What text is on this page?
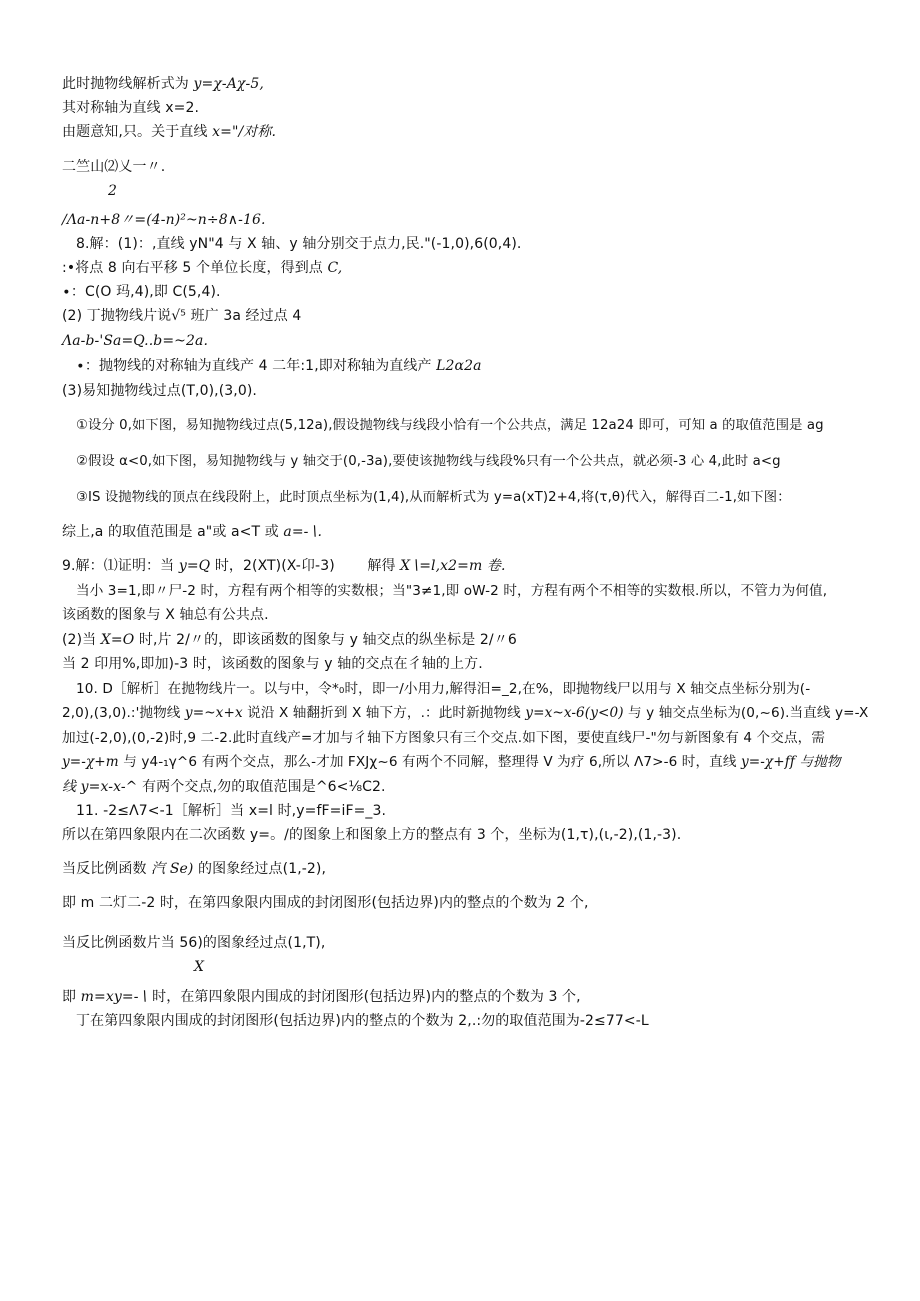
此时抛物线解析式为 y=χ-Aχ-5,
其对称轴为直线 x=2.
由题意知,只。关于直线 x="/对称.
二竺山⑵乂一〃.
2
∕Λa-n+8〃=(4-n)²~n÷8∧-16.
8.解：(1)：,直线 yN"4 与 X 轴、y 轴分别交于点力,民."(-1,0),6(0,4).
:•将点 8 向右平移 5 个单位长度，得到点 C,
∙：C(O 玛,4),即 C(5,4).
(2) 丁抛物线片说√⁵ 班广 3a 经过点 4
Λa-b-'Sa=Q..b=~2a.
∙：抛物线的对称轴为直线产 4 二年:1,即对称轴为直线产 L2α2a
(3)易知抛物线过点(T,0),(3,0).
①设分 0,如下图，易知抛物线过点(5,12a),假设抛物线与线段小恰有一个公共点，满足 12a24 即可，可知 a 的取值范围是 ag
②假设 α<0,如下图，易知抛物线与 y 轴交于(0,-3a),要使该抛物线与线段%只有一个公共点，就必须-3 心 4,此时 a<g
③IS 设抛物线的顶点在线段附上，此时顶点坐标为(1,4),从而解析式为 y=a(xT)2+4,将(τ,θ)代入，解得百二-1,如下图：
综上,a 的取值范围是 a"或 a<T 或 a=-∖.
9.解：⑴证明：当 y=Q 时，2(XT)(X-卬-3) 解得 X∖=l,x2=m 卷.
当小 3=1,即〃尸-2 时，方程有两个相等的实数根；当"3≠1,即 oW-2 时，方程有两个不相等的实数根.所以，不管力为何值,
该函数的图象与 X 轴总有公共点.
(2)当 X=O 时,片 2/〃的，即该函数的图象与 y 轴交点的纵坐标是 2/〃6
当 2 印用%,即加)-3 时，该函数的图象与 y 轴的交点在彳轴的上方.
10. D［解析］在抛物线片一。以与中，令*₀时，即一/小用力,解得汨=_2,在%，即抛物线尸以用与 X 轴交点坐标分别为(-
2,0),(3,0).:'抛物线 y=~x+x 说沿 X 轴翻折到 X 轴下方，.：此时新抛物线 y=x~x-6(y<0) 与 y 轴交点坐标为(0,~6).当直线 y=-X
加过(-2,0),(0,-2)时,9 二-2.此时直线产=才加与彳轴下方图象只有三个交点.如下图，要使直线尸-"勿与新图象有 4 个交点，需
y=-χ+m 与 y4-₁γ^6 有两个交点，那么-才加 FXJχ~6 有两个不同解，整理得 V 为疗 6,所以 Λ7>-6 时，直线 y=-χ+ff 与抛物
线 y=x-x-^ 有两个交点,勿的取值范围是^6<⅛C2.
11. -2≤Λ7<-1［解析］当 x=l 时,y=fF=iF=_3.
所以在第四象限内在二次函数 y=。/的图象上和图象上方的整点有 3 个，坐标为(1,τ),(ι,-2),(1,-3).
当反比例函数 汽 Se) 的图象经过点(1,-2),
即 m 二灯二-2 时，在第四象限内围成的封闭图形(包括边界)内的整点的个数为 2 个,
当反比例函数片当 56)的图象经过点(1,T),
X
即 m=xy=-∖ 时，在第四象限内围成的封闭图形(包括边界)内的整点的个数为 3 个,
丁在第四象限内围成的封闭图形(包括边界)内的整点的个数为 2,.:勿的取值范围为-2≤77<-L
